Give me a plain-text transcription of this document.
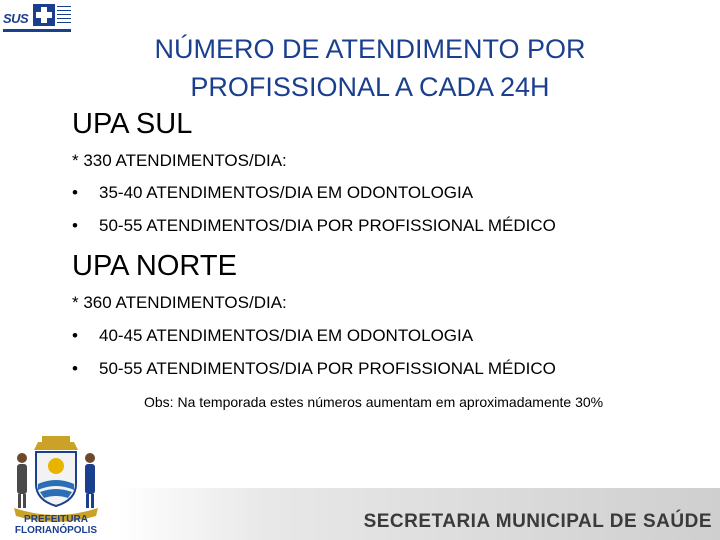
SUS
NÚMERO DE ATENDIMENTO POR
PROFISSIONAL A CADA 24H
UPA SUL
* 330 ATENDIMENTOS/DIA:
• 35-40 ATENDIMENTOS/DIA EM ODONTOLOGIA
• 50-55 ATENDIMENTOS/DIA POR PROFISSIONAL MÉDICO
UPA NORTE
* 360 ATENDIMENTOS/DIA:
• 40-45 ATENDIMENTOS/DIA EM ODONTOLOGIA
• 50-55 ATENDIMENTOS/DIA POR PROFISSIONAL MÉDICO
Obs: Na temporada estes números aumentam em aproximadamente 30%
PREFEITURA
FLORIANÓPOLIS	SECRETARIA MUNICIPAL DE SAÚDE
